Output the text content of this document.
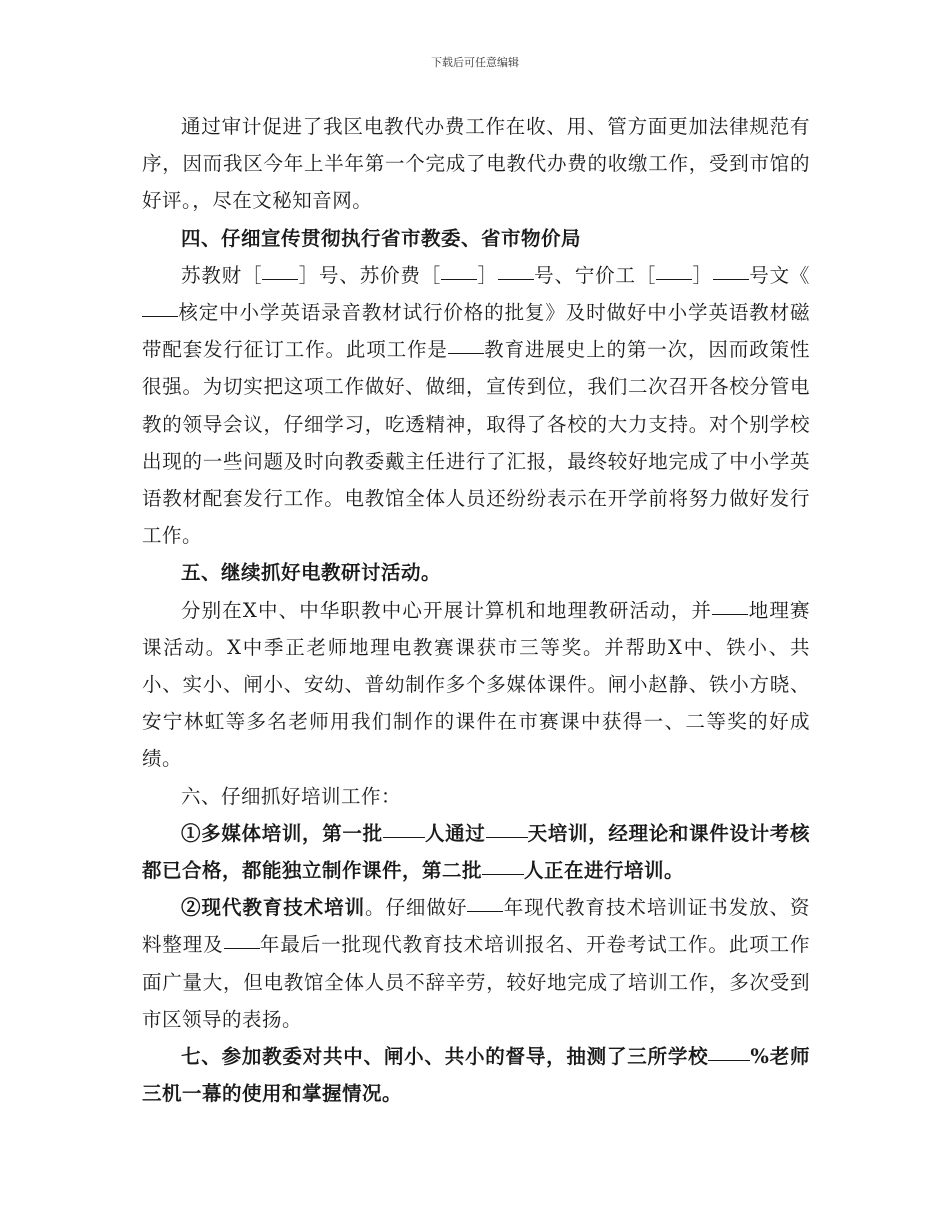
下载后可任意编辑

通过审计促进了我区电教代办费工作在收、用、管方面更加法律规范有序，因而我区今年上半年第一个完成了电教代办费的收缴工作，受到市馆的好评。，尽在文秘知音网。

四、仔细宣传贯彻执行省市教委、省市物价局

苏教财［ ］号、苏价费［ ］ 号、宁价工［ ］ 号文《核定中小学英语录音教材试行价格的批复》及时做好中小学英语教材磁带配套发行征订工作。此项工作是 教育进展史上的第一次，因而政策性很强。为切实把这项工作做好、做细，宣传到位，我们二次召开各校分管电教的领导会议，仔细学习，吃透精神，取得了各校的大力支持。对个别学校出现的一些问题及时向教委戴主任进行了汇报，最终较好地完成了中小学英语教材配套发行工作。电教馆全体人员还纷纷表示在开学前将努力做好发行工作。

五、继续抓好电教研讨活动。

分别在X中、中华职教中心开展计算机和地理教研活动，并 地理赛课活动。X中季正老师地理电教赛课获市三等奖。并帮助X中、铁小、共小、实小、闸小、安幼、普幼制作多个多媒体课件。闸小赵静、铁小方晓、安宁林虹等多名老师用我们制作的课件在市赛课中获得一、二等奖的好成绩。

六、仔细抓好培训工作：

①多媒体培训，第一批 人通过 天培训，经理论和课件设计考核都已合格，都能独立制作课件，第二批 人正在进行培训。

②现代教育技术培训。仔细做好 年现代教育技术培训证书发放、资料整理及 年最后一批现代教育技术培训报名、开卷考试工作。此项工作面广量大，但电教馆全体人员不辞辛劳，较好地完成了培训工作，多次受到市区领导的表扬。

七、参加教委对共中、闸小、共小的督导，抽测了三所学校 %老师三机一幕的使用和掌握情况。
